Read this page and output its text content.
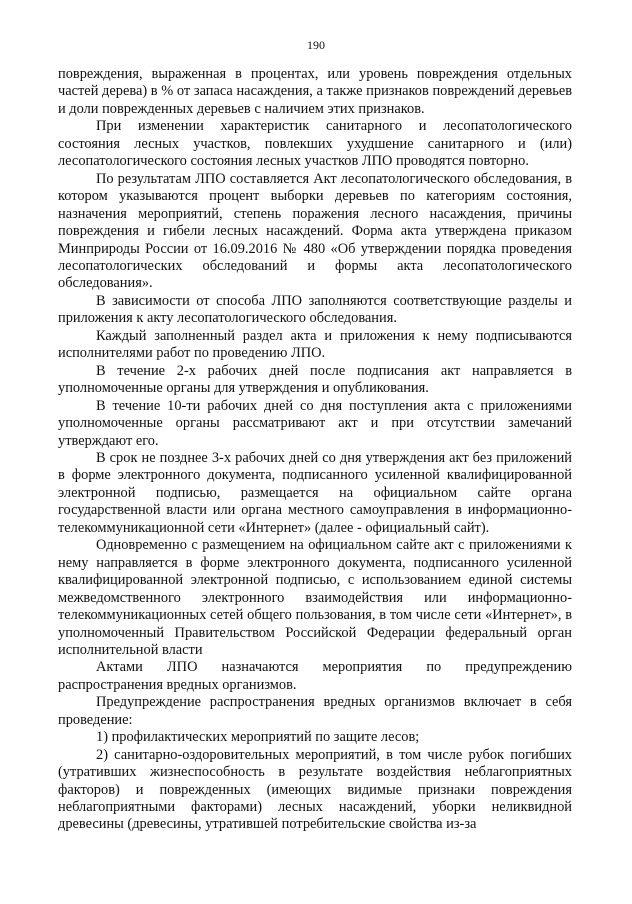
190

повреждения, выраженная в процентах, или уровень повреждения отдельных частей дерева) в % от запаса насаждения, а также признаков повреждений деревьев и доли поврежденных деревьев с наличием этих признаков.

При изменении характеристик санитарного и лесопатологического состояния лесных участков, повлекших ухудшение санитарного и (или) лесопатологического состояния лесных участков ЛПО проводятся повторно.

По результатам ЛПО составляется Акт лесопатологического обследования, в котором указываются процент выборки деревьев по категориям состояния, назначения мероприятий, степень поражения лесного насаждения, причины повреждения и гибели лесных насаждений. Форма акта утверждена приказом Минприроды России от 16.09.2016 № 480 «Об утверждении порядка проведения лесопатологических обследований и формы акта лесопатологического обследования».

В зависимости от способа ЛПО заполняются соответствующие разделы и приложения к акту лесопатологического обследования.

Каждый заполненный раздел акта и приложения к нему подписываются исполнителями работ по проведению ЛПО.

В течение 2-х рабочих дней после подписания акт направляется в уполномоченные органы для утверждения и опубликования.

В течение 10-ти рабочих дней со дня поступления акта с приложениями уполномоченные органы рассматривают акт и при отсутствии замечаний утверждают его.

В срок не позднее 3-х рабочих дней со дня утверждения акт без приложений в форме электронного документа, подписанного усиленной квалифицированной электронной подписью, размещается на официальном сайте органа государственной власти или органа местного самоуправления в информационно-телекоммуникационной сети «Интернет» (далее - официальный сайт).

Одновременно с размещением на официальном сайте акт с приложениями к нему направляется в форме электронного документа, подписанного усиленной квалифицированной электронной подписью, с использованием единой системы межведомственного электронного взаимодействия или информационно-телекоммуникационных сетей общего пользования, в том числе сети «Интернет», в уполномоченный Правительством Российской Федерации федеральный орган исполнительной власти

Актами ЛПО назначаются мероприятия по предупреждению распространения вредных организмов.

Предупреждение распространения вредных организмов включает в себя проведение:

1) профилактических мероприятий по защите лесов;

2) санитарно-оздоровительных мероприятий, в том числе рубок погибших (утративших жизнеспособность в результате воздействия неблагоприятных факторов) и поврежденных (имеющих видимые признаки повреждения неблагоприятными факторами) лесных насаждений, уборки неликвидной древесины (древесины, утратившей потребительские свойства из-за
